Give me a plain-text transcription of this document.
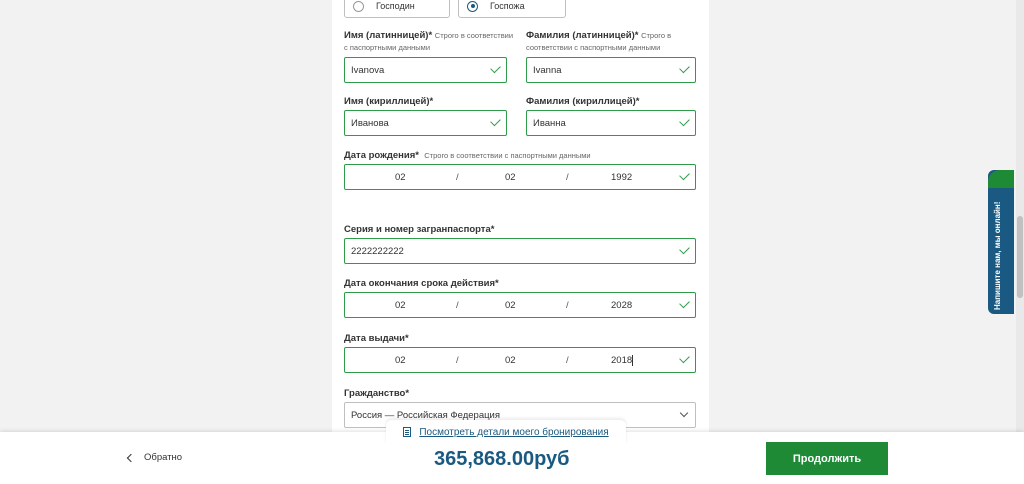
Господин	Госпожа
Имя (латинницей)* Строго в соответствии
с паспортными данными
Ivanova
Фамилия (латинницей)* Строго в
соответствии с паспортными данными
Ivanna
Имя (кириллицей)*
Иванова
Фамилия (кириллицей)*
Иванна
Дата рождения* Строго в соответствии с паспортными данными
02	/	02	/	1992
Серия и номер загранпаспорта*
2222222222
Дата окончания срока действия*
02	/	02	/	2028
Дата выдачи*
02	/	02	/	2018
Гражданство*
Россия — Российская Федерация
Напишите нам, мы онлайн!
Обратно	365,868.00руб	Продолжить
Посмотреть детали моего бронирования
